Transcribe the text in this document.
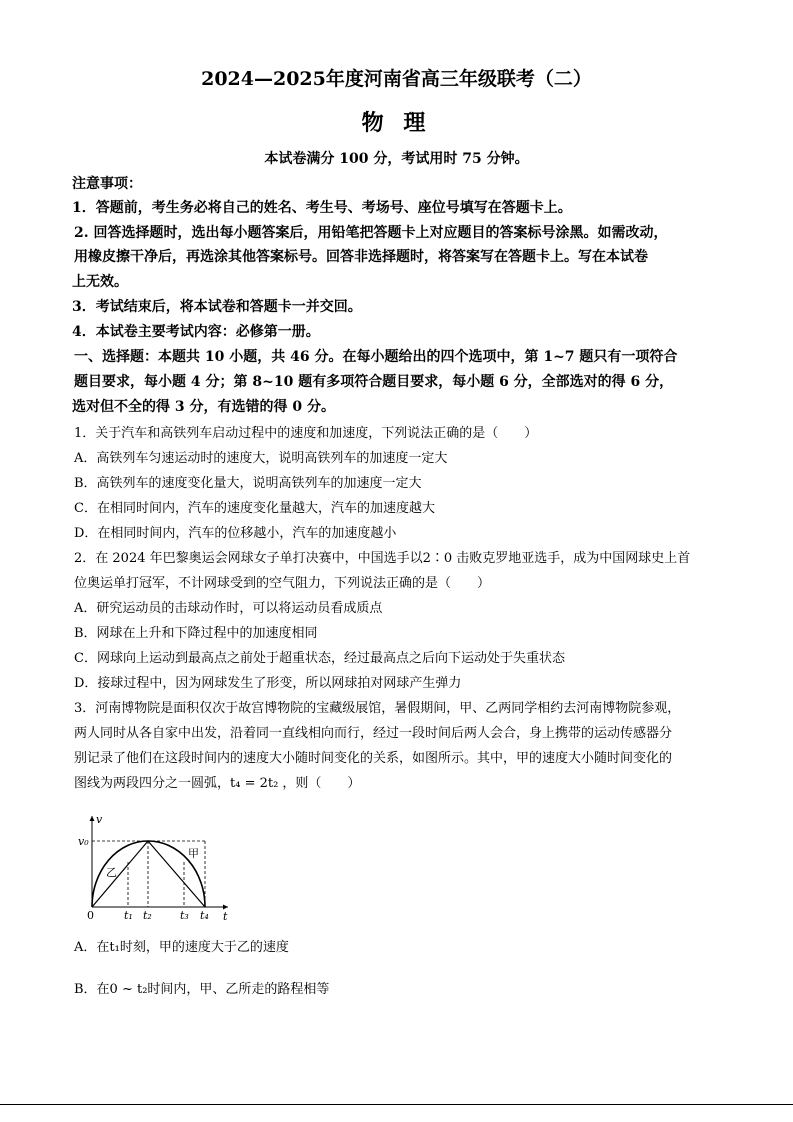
2024—2025年度河南省高三年级联考（二）
物 理
本试卷满分 100 分，考试用时 75 分钟。
注意事项：
1．答题前，考生务必将自己的姓名、考生号、考场号、座位号填写在答题卡上。
2. 回答选择题时，选出每小题答案后，用铅笔把答题卡上对应题目的答案标号涂黑。如需改动，
用橡皮擦干净后，再选涂其他答案标号。回答非选择题时，将答案写在答题卡上。写在本试卷
上无效。
3．考试结束后，将本试卷和答题卡一并交回。
4．本试卷主要考试内容：必修第一册。
一、选择题：本题共 10 小题，共 46 分。在每小题给出的四个选项中，第 1~7 题只有一项符合
题目要求，每小题 4 分；第 8~10 题有多项符合题目要求，每小题 6 分，全部选对的得 6 分，
选对但不全的得 3 分，有选错的得 0 分。
1．关于汽车和高铁列车启动过程中的速度和加速度，下列说法正确的是（　　）
A．高铁列车匀速运动时的速度大，说明高铁列车的加速度一定大
B．高铁列车的速度变化量大，说明高铁列车的加速度一定大
C．在相同时间内，汽车的速度变化量越大，汽车的加速度越大
D．在相同时间内，汽车的位移越小，汽车的加速度越小
2．在 2024 年巴黎奥运会网球女子单打决赛中，中国选手以2∶0 击败克罗地亚选手，成为中国网球史上首
位奥运单打冠军，不计网球受到的空气阻力，下列说法正确的是（　　）
A．研究运动员的击球动作时，可以将运动员看成质点
B．网球在上升和下降过程中的加速度相同
C．网球向上运动到最高点之前处于超重状态，经过最高点之后向下运动处于失重状态
D．接球过程中，因为网球发生了形变，所以网球拍对网球产生弹力
3．河南博物院是面积仅次于故宫博物院的宝藏级展馆，暑假期间，甲、乙两同学相约去河南博物院参观，
两人同时从各自家中出发，沿着同一直线相向而行，经过一段时间后两人会合，身上携带的运动传感器分
别记录了他们在这段时间内的速度大小随时间变化的关系，如图所示。其中，甲的速度大小随时间变化的
图线为两段四分之一圆弧，t₄ = 2t₂ ，则（　　）
v
t
v₀
0	t₁ t₂	t₃ t₄
甲
乙
A．在t₁时刻，甲的速度大于乙的速度
B．在0 ~ t₂时间内，甲、乙所走的路程相等
